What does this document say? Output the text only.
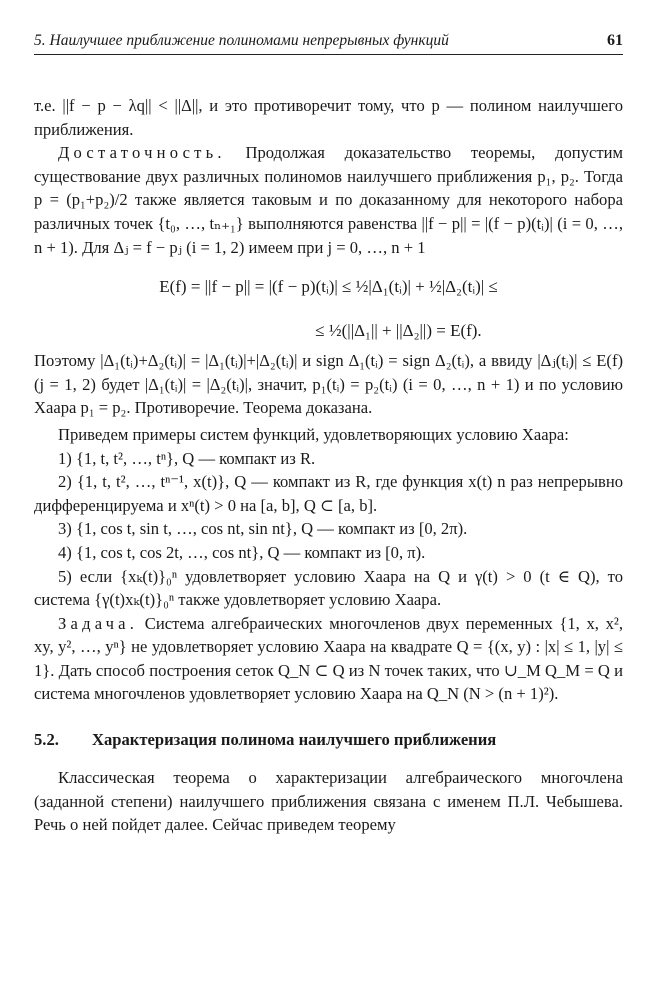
5. Наилучшее приближение полиномами непрерывных функций	61

т.е. ||f − p − λq|| < ||Δ||, и это противоречит тому, что p — полином наилучшего приближения.

Достаточность. Продолжая доказательство теоремы, допустим существование двух различных полиномов наилучшего приближения p₁, p₂. Тогда p = (p₁+p₂)/2 также является таковым и по доказанному для некоторого набора различных точек {t₀, …, tₙ₊₁} выполняются равенства ||f − p|| = |(f − p)(tᵢ)| (i = 0, …, n + 1). Для Δⱼ = f − pⱼ (i = 1, 2) имеем при j = 0, …, n + 1

E(f) = ||f − p|| = |(f − p)(tᵢ)| ≤ ½|Δ₁(tᵢ)| + ½|Δ₂(tᵢ)| ≤
≤ ½(||Δ₁|| + ||Δ₂||) = E(f).

Поэтому |Δ₁(tᵢ)+Δ₂(tᵢ)| = |Δ₁(tᵢ)|+|Δ₂(tᵢ)| и sign Δ₁(tᵢ) = sign Δ₂(tᵢ), а ввиду |Δⱼ(tᵢ)| ≤ E(f) (j = 1, 2) будет |Δ₁(tᵢ)| = |Δ₂(tᵢ)|, значит, p₁(tᵢ) = p₂(tᵢ) (i = 0, …, n + 1) и по условию Хаара p₁ = p₂. Противоречие. Теорема доказана.

Приведем примеры систем функций, удовлетворяющих условию Хаара:

1) {1, t, t², …, tⁿ}, Q — компакт из R.

2) {1, t, t², …, tⁿ⁻¹, x(t)}, Q — компакт из R, где функция x(t) n раз непрерывно дифференцируема и xⁿ(t) > 0 на [a, b], Q ⊂ [a, b].

3) {1, cos t, sin t, …, cos nt, sin nt}, Q — компакт из [0, 2π).

4) {1, cos t, cos 2t, …, cos nt}, Q — компакт из [0, π).

5) если {xₖ(t)}₀ⁿ удовлетворяет условию Хаара на Q и γ(t) > 0 (t ∈ Q), то система {γ(t)xₖ(t)}₀ⁿ также удовлетворяет условию Хаара.

Задача. Система алгебраических многочленов двух переменных {1, x, x², xy, y², …, yⁿ} не удовлетворяет условию Хаара на квадрате Q = {(x, y) : |x| ≤ 1, |y| ≤ 1}. Дать способ построения сеток Q_N ⊂ Q из N точек таких, что ∪_M Q_M = Q и система многочленов удовлетворяет условию Хаара на Q_N (N > (n + 1)²).

5.2. Характеризация полинома наилучшего приближения

Классическая теорема о характеризации алгебраического многочлена (заданной степени) наилучшего приближения связана с именем П.Л. Чебышева. Речь о ней пойдет далее. Сейчас приведем теорему
